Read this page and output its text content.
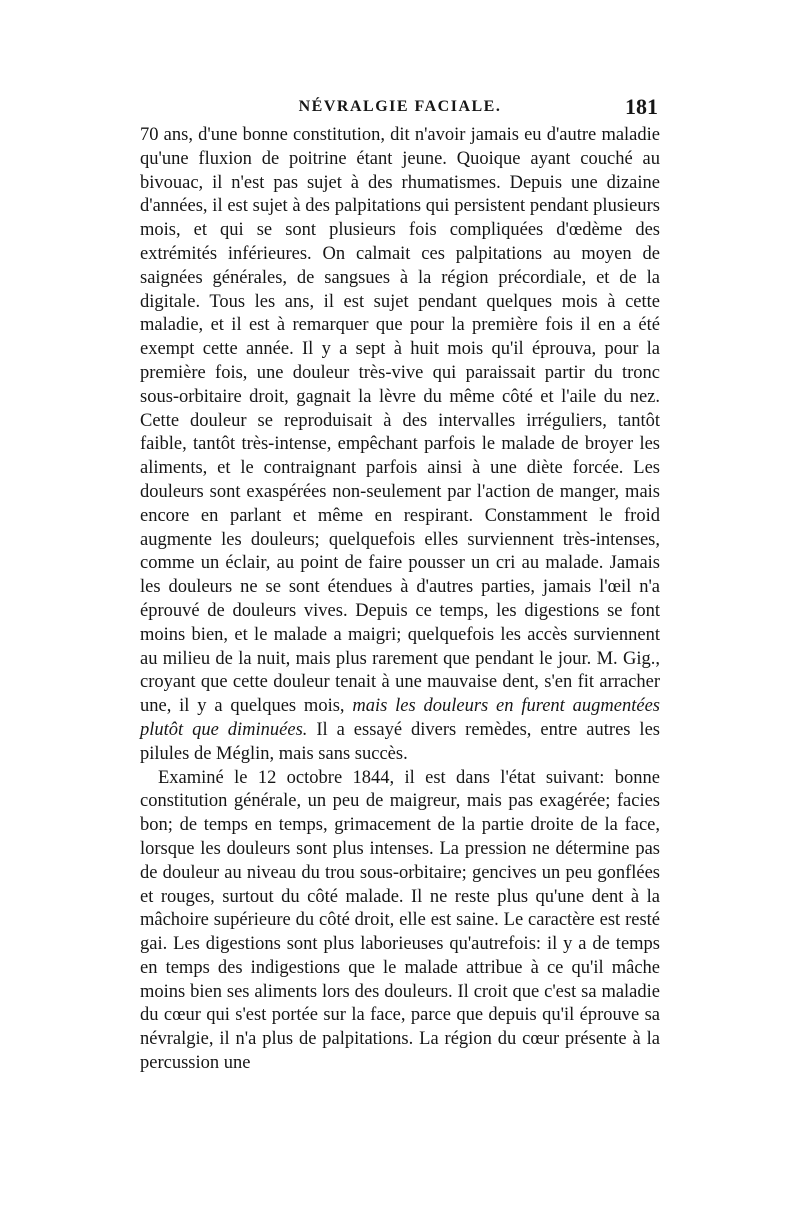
NÉVRALGIE FACIALE.	181

70 ans, d'une bonne constitution, dit n'avoir jamais eu d'autre maladie qu'une fluxion de poitrine étant jeune. Quoique ayant couché au bivouac, il n'est pas sujet à des rhumatismes. Depuis une dizaine d'années, il est sujet à des palpitations qui persistent pendant plusieurs mois, et qui se sont plusieurs fois compliquées d'œdème des extrémités inférieures. On calmait ces palpitations au moyen de saignées générales, de sangsues à la région précordiale, et de la digitale. Tous les ans, il est sujet pendant quelques mois à cette maladie, et il est à remarquer que pour la première fois il en a été exempt cette année. Il y a sept à huit mois qu'il éprouva, pour la première fois, une douleur très-vive qui paraissait partir du tronc sous-orbitaire droit, gagnait la lèvre du même côté et l'aile du nez. Cette douleur se reproduisait à des intervalles irréguliers, tantôt faible, tantôt très-intense, empêchant parfois le malade de broyer les aliments, et le contraignant parfois ainsi à une diète forcée. Les douleurs sont exaspérées non-seulement par l'action de manger, mais encore en parlant et même en respirant. Constamment le froid augmente les douleurs; quelquefois elles surviennent très-intenses, comme un éclair, au point de faire pousser un cri au malade. Jamais les douleurs ne se sont étendues à d'autres parties, jamais l'œil n'a éprouvé de douleurs vives. Depuis ce temps, les digestions se font moins bien, et le malade a maigri; quelquefois les accès surviennent au milieu de la nuit, mais plus rarement que pendant le jour. M. Gig., croyant que cette douleur tenait à une mauvaise dent, s'en fit arracher une, il y a quelques mois, mais les douleurs en furent augmentées plutôt que diminuées. Il a essayé divers remèdes, entre autres les pilules de Méglin, mais sans succès.

Examiné le 12 octobre 1844, il est dans l'état suivant: bonne constitution générale, un peu de maigreur, mais pas exagérée; facies bon; de temps en temps, grimacement de la partie droite de la face, lorsque les douleurs sont plus intenses. La pression ne détermine pas de douleur au niveau du trou sous-orbitaire; gencives un peu gonflées et rouges, surtout du côté malade. Il ne reste plus qu'une dent à la mâchoire supérieure du côté droit, elle est saine. Le caractère est resté gai. Les digestions sont plus laborieuses qu'autrefois: il y a de temps en temps des indigestions que le malade attribue à ce qu'il mâche moins bien ses aliments lors des douleurs. Il croit que c'est sa maladie du cœur qui s'est portée sur la face, parce que depuis qu'il éprouve sa névralgie, il n'a plus de palpitations. La région du cœur présente à la percussion une
